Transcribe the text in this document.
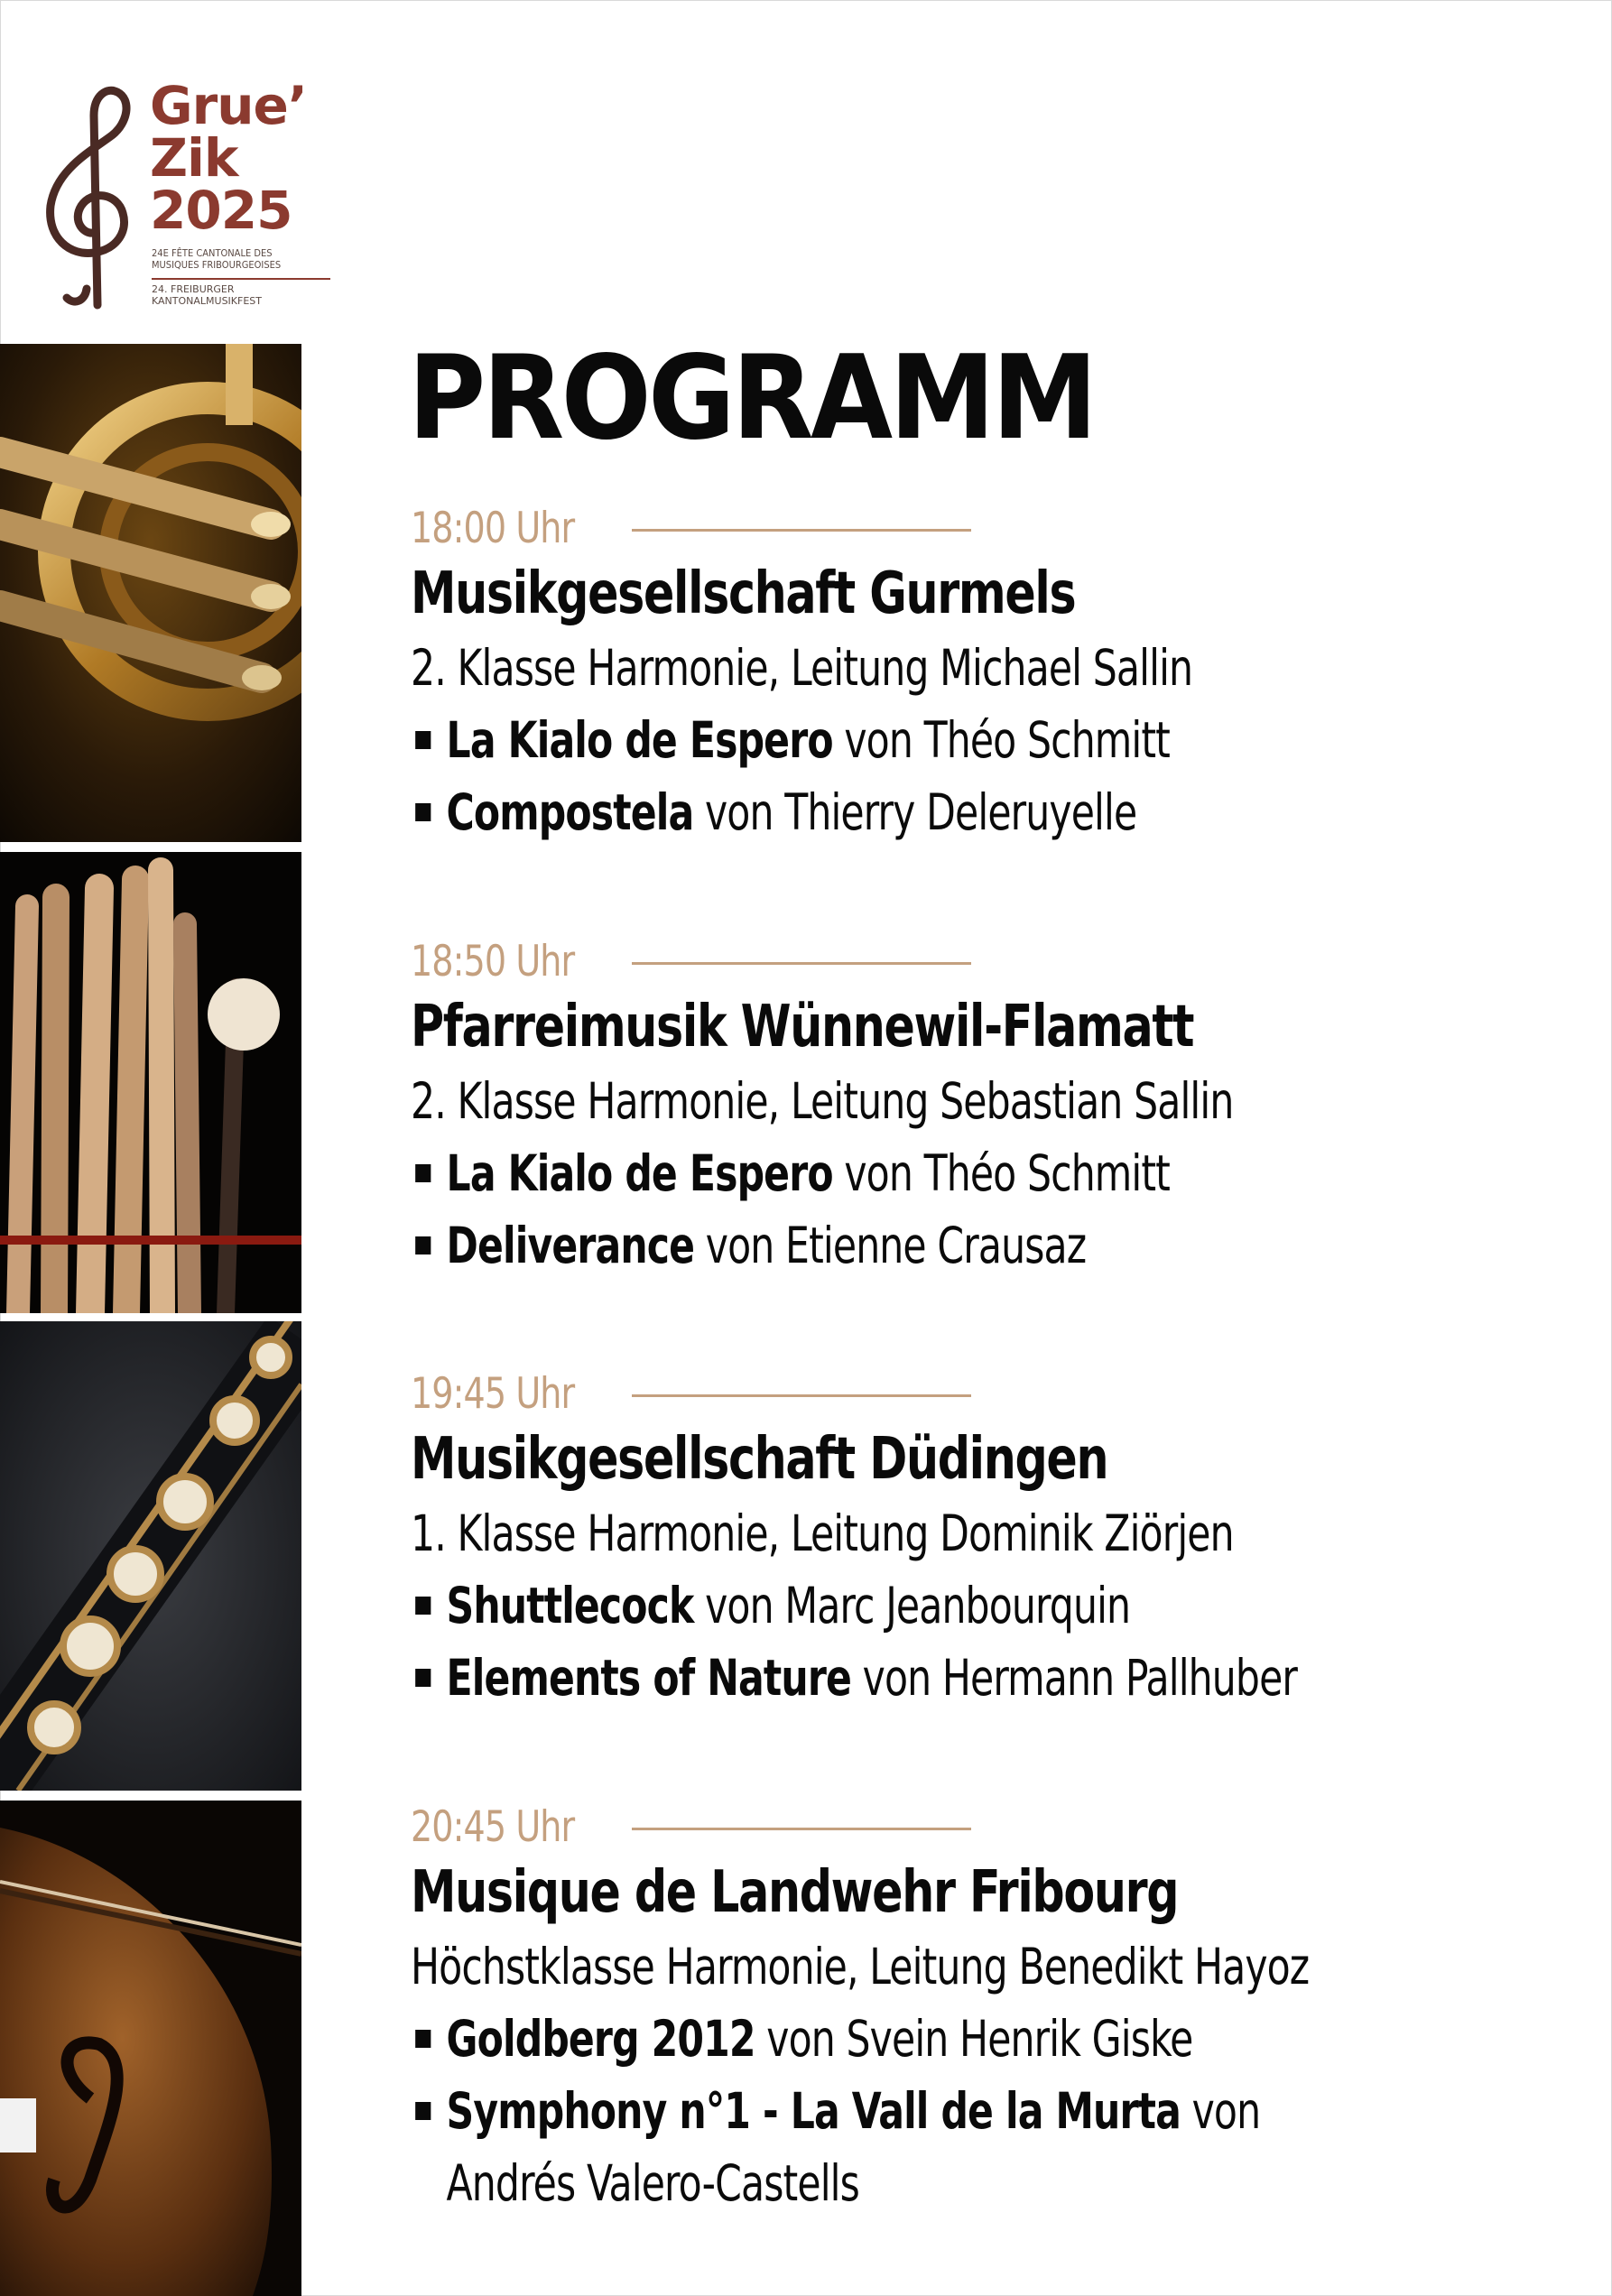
Grue’
Zik
2025
24E FÊTE CANTONALE DES
MUSIQUES FRIBOURGEOISES
24. FREIBURGER
KANTONALMUSIKFEST
PROGRAMM
18:00 Uhr
Musikgesellschaft Gurmels
2. Klasse Harmonie, Leitung Michael Sallin
La Kialo de Espero von Théo Schmitt
Compostela von Thierry Deleruyelle
18:50 Uhr
Pfarreimusik Wünnewil-Flamatt
2. Klasse Harmonie, Leitung Sebastian Sallin
La Kialo de Espero von Théo Schmitt
Deliverance von Etienne Crausaz
19:45 Uhr
Musikgesellschaft Düdingen
1. Klasse Harmonie, Leitung Dominik Ziörjen
Shuttlecock von Marc Jeanbourquin
Elements of Nature von Hermann Pallhuber
20:45 Uhr
Musique de Landwehr Fribourg
Höchstklasse Harmonie, Leitung Benedikt Hayoz
Goldberg 2012 von Svein Henrik Giske
Symphony n°1 - La Vall de la Murta von
Andrés Valero-Castells
